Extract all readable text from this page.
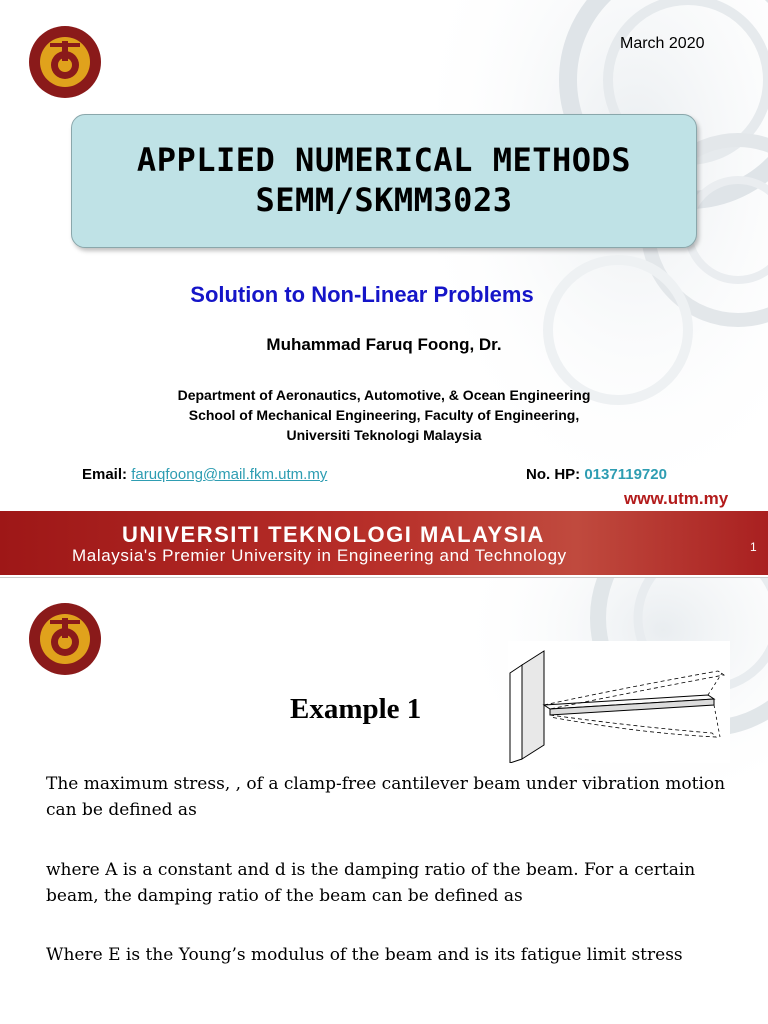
March 2020
APPLIED NUMERICAL METHODS
SEMM/SKMM3023
Solution to Non-Linear Problems
Muhammad Faruq Foong, Dr.
Department of Aeronautics, Automotive, & Ocean Engineering
School of Mechanical Engineering, Faculty of Engineering,
Universiti Teknologi Malaysia
Email: faruqfoong@mail.fkm.utm.my	No. HP: 0137119720
www.utm.my
UNIVERSITI TEKNOLOGI MALAYSIA
Malaysia's Premier University in Engineering and Technology	1
Example 1
The maximum stress, , of a clamp-free cantilever beam under vibration motion can be defined as
where A is a constant and d is the damping ratio of the beam. For a certain beam, the damping ratio of the beam can be defined as
Where E is the Young’s modulus of the beam and is its fatigue limit stress
